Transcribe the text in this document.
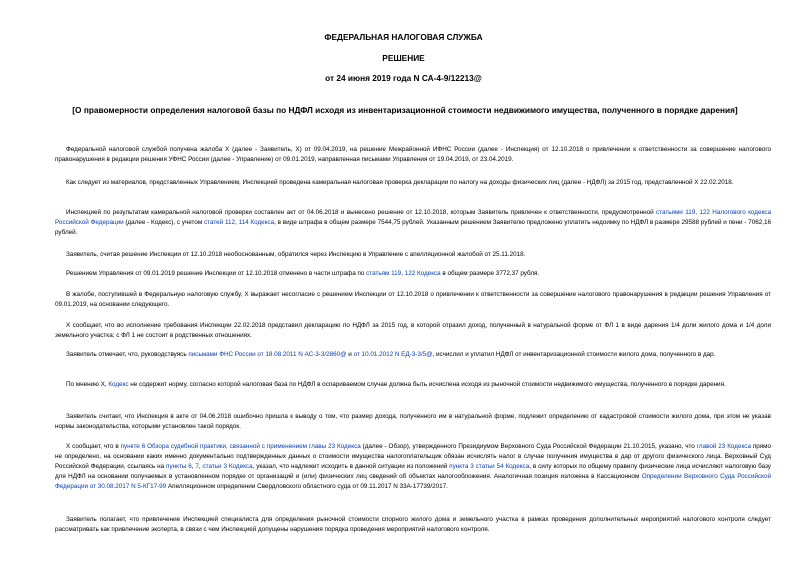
ФЕДЕРАЛЬНАЯ НАЛОГОВАЯ СЛУЖБА
РЕШЕНИЕ
от 24 июня 2019 года N СА-4-9/12213@
[О правомерности определения налоговой базы по НДФЛ исходя из инвентаризационной стоимости недвижимого имущества, полученного в порядке дарения]
Федеральной налоговой службой получена жалоба Х (далее - Заявитель, Х) от 09.04.2019, на решение Межрайонной ИФНС России (далее - Инспекция) от 12.10.2018 о привлечении к ответственности за совершение налогового правонарушения в редакции решения УФНС России (далее - Управление) от 09.01.2019, направленная письмами Управления от 19.04.2019, от 23.04.2019.
Как следует из материалов, представленных Управлением, Инспекцией проведена камеральная налоговая проверка декларации по налогу на доходы физических лиц (далее - НДФЛ) за 2015 год, представленной Х 22.02.2018.
Инспекцией по результатам камеральной налоговой проверки составлен акт от 04.06.2018 и вынесено решение от 12.10.2018, которым Заявитель привлечен к ответственности, предусмотренной статьями 119, 122 Налогового кодекса Российской Федерации (далее - Кодекс), с учетом статей 112, 114 Кодекса, в виде штрафа в общем размере 7544,75 рублей. Указанным решением Заявителю предложено уплатить недоимку по НДФЛ в размере 29588 рублей и пени - 7062,16 рублей.
Заявитель, считая решение Инспекции от 12.10.2018 необоснованным, обратился через Инспекцию в Управление с апелляционной жалобой от 25.11.2018.
Решением Управления от 09.01.2019 решение Инспекции от 12.10.2018 отменено в части штрафа по статьям 119, 122 Кодекса в общем размере 3772,37 рубля.
В жалобе, поступившей в Федеральную налоговую службу, Х выражает несогласие с решением Инспекции от 12.10.2018 о привлечении к ответственности за совершение налогового правонарушения в редакции решения Управления от 09.01.2019, на основании следующего.
Х сообщает, что во исполнение требования Инспекции 22.02.2018 представил декларацию по НДФЛ за 2015 год, в которой отразил доход, полученный в натуральной форме от ФЛ 1 в виде дарения 1/4 доли жилого дома и 1/4 доли земельного участка; с ФЛ 1 не состоит в родственных отношениях.
Заявитель отмечает, что, руководствуясь письмами ФНС России от 18.08.2011 N АС-3-3/2860@ и от 10.01.2012 N ЕД-3-3/5@, исчислил и уплатил НДФЛ от инвентаризационной стоимости жилого дома, полученного в дар.
По мнению Х, Кодекс не содержит норму, согласно которой налоговая база по НДФЛ в оспариваемом случае должна быть исчислена исходя из рыночной стоимости недвижимого имущества, полученного в порядке дарения.
Заявитель считает, что Инспекция в акте от 04.06.2018 ошибочно пришла к выводу о том, что размер дохода, полученного им в натуральной форме, подлежит определению от кадастровой стоимости жилого дома, при этом не указав нормы законодательства, которыми установлен такой порядок.
Х сообщает, что в пункте 6 Обзора судебной практики, связанной с применением главы 23 Кодекса (далее - Обзор), утвержденного Президиумом Верховного Суда Российской Федерации 21.10.2015, указано, что главой 23 Кодекса прямо не определено, на основании каких именно документально подтвержденных данных о стоимости имущества налогоплательщик обязан исчислять налог в случае получения имущества в дар от другого физического лица. Верховный Суд Российской Федерации, ссылаясь на пункты 6, 7, статьи 3 Кодекса, указал, что надлежит исходить в данной ситуации из положений пункта 3 статьи 54 Кодекса, в силу которых по общему правилу физические лица исчисляют налоговую базу для НДФЛ на основании получаемых в установленном порядке от организаций и (или) физических лиц сведений об объектах налогообложения. Аналогичная позиция изложена в Кассационном Определении Верховного Суда Российской Федерации от 30.08.2017 N 5-КГ17-99 Апелляционном определении Свердловского областного суда от 09.11.2017 N 33А-17739/2017.
Заявитель полагает, что привлечение Инспекцией специалиста для определения рыночной стоимости спорного жилого дома и земельного участка в рамках проведения дополнительных мероприятий налогового контроля следует рассматривать как привлечение эксперта, в связи с чем Инспекцией допущены нарушения порядка проведения мероприятий налогового контроля.
